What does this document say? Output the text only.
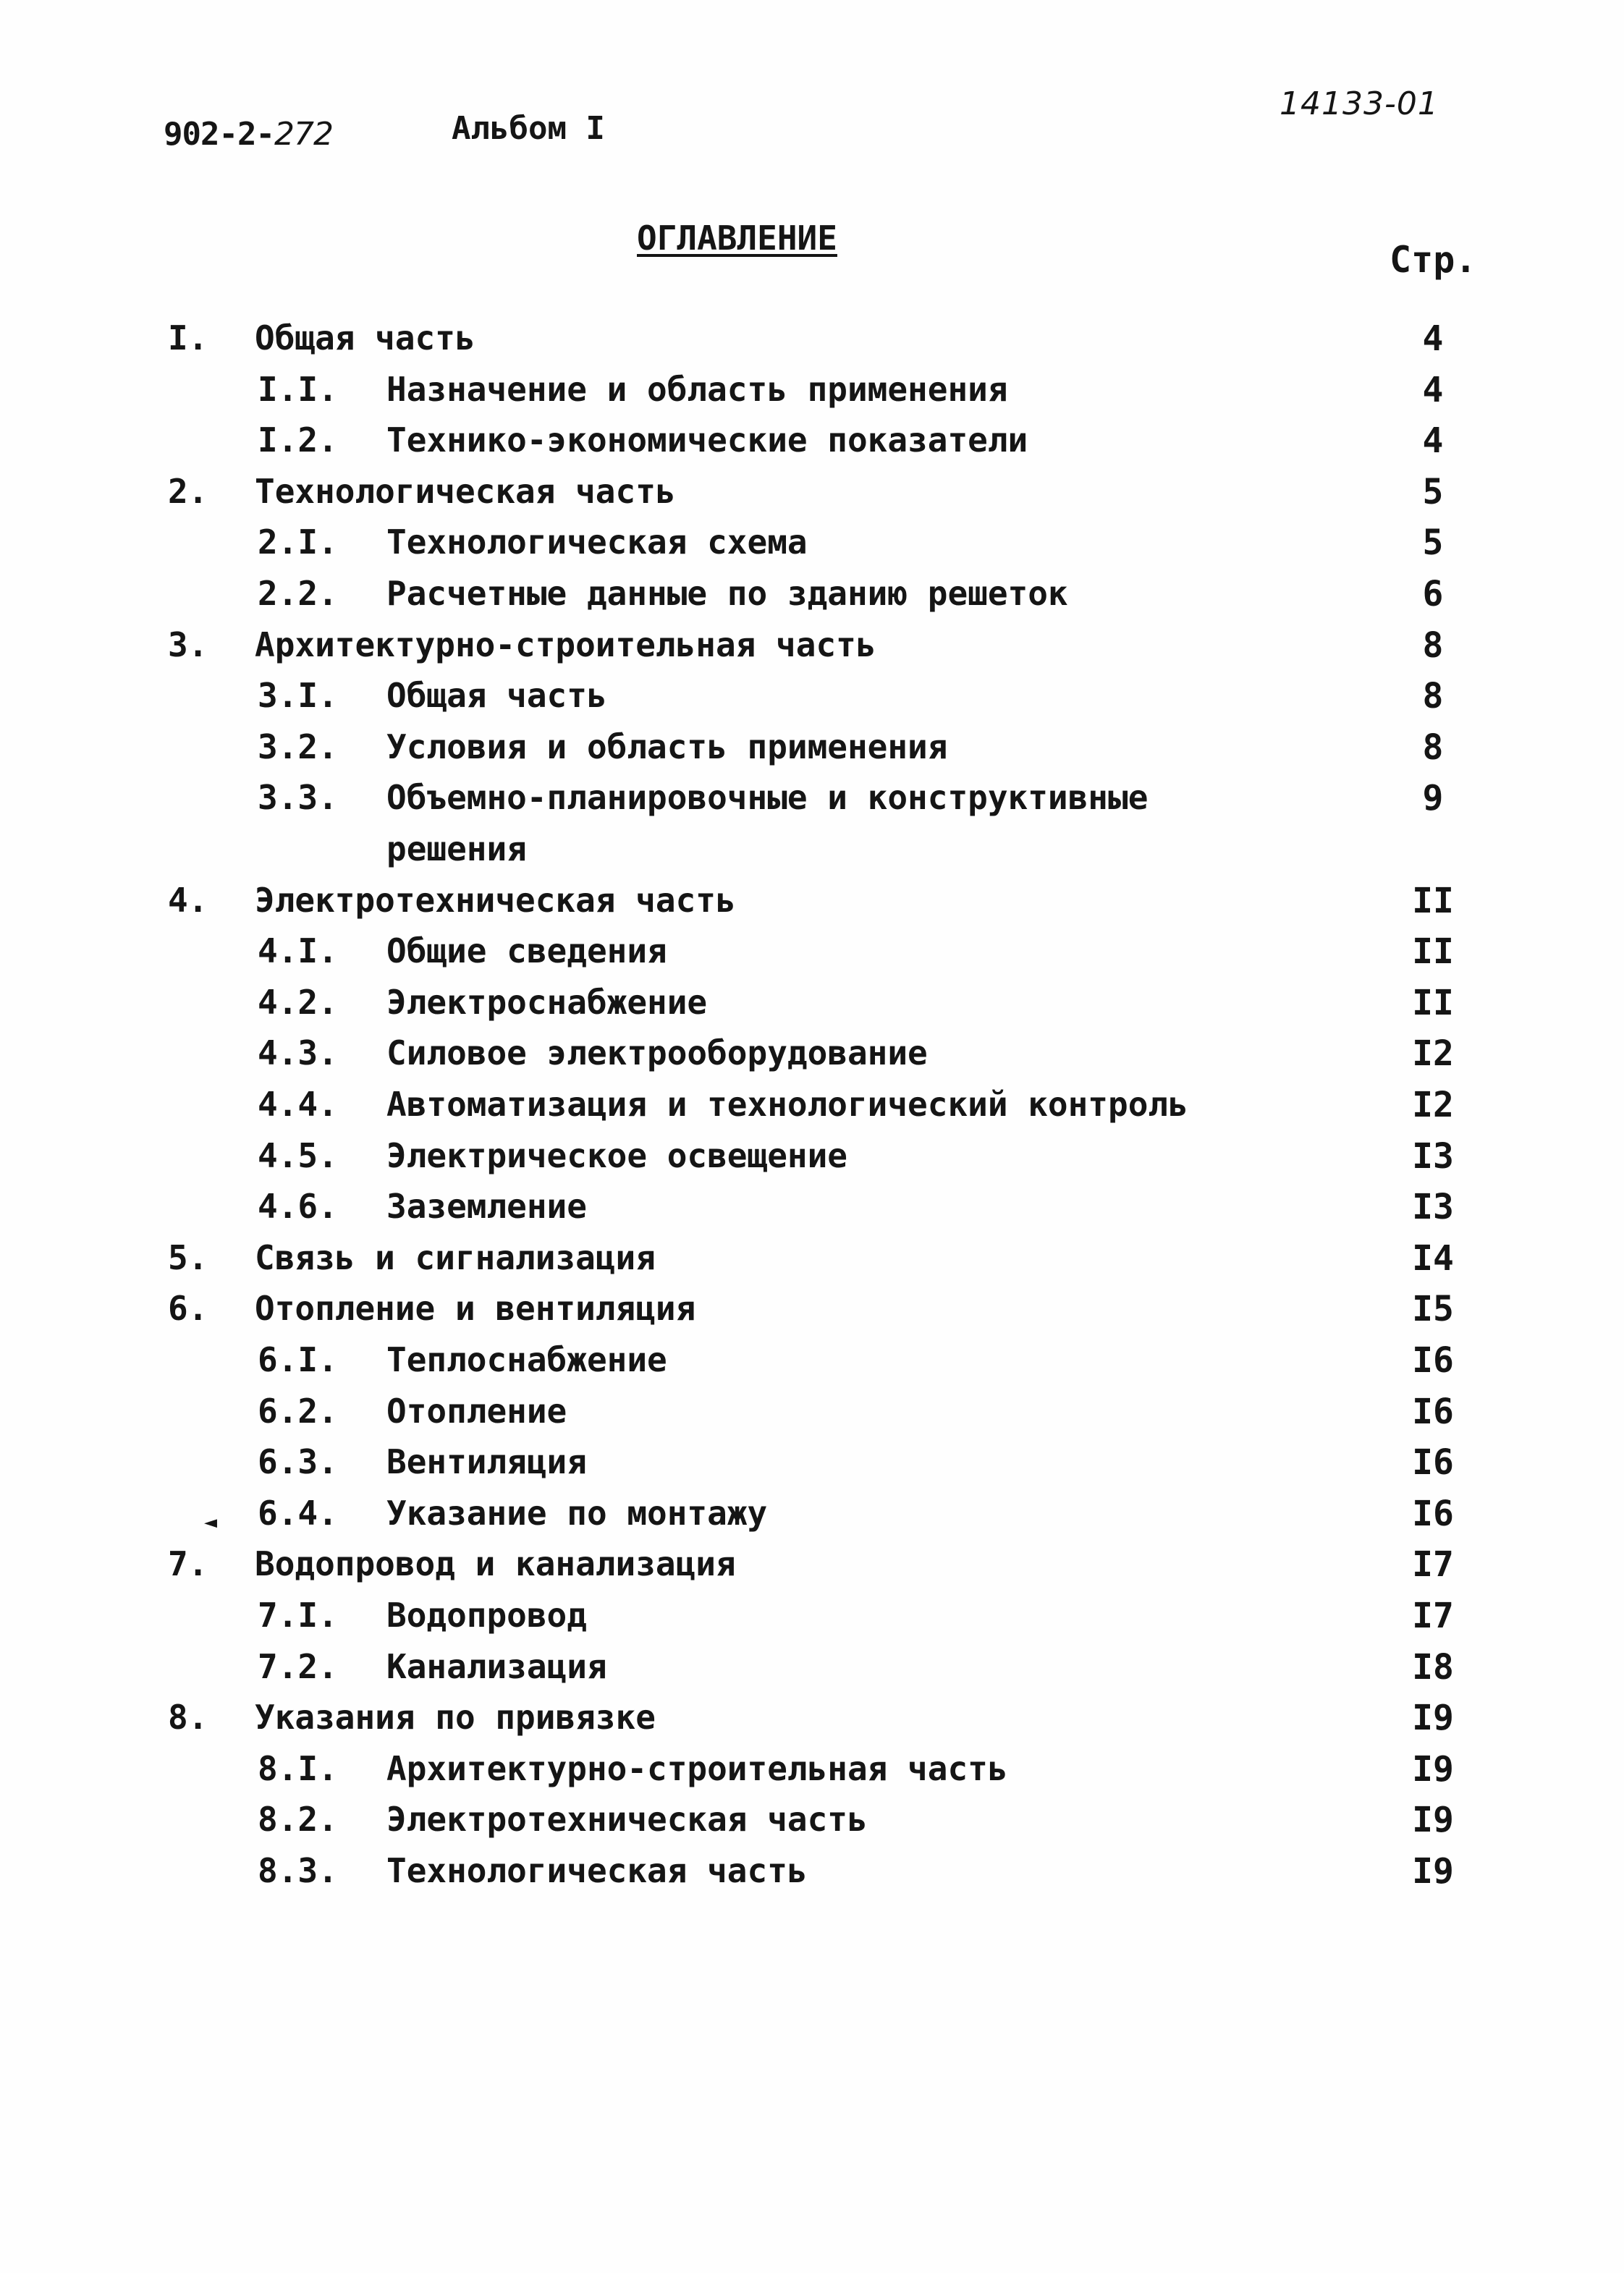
902-2-272	Альбом I
14133-01
ОГЛАВЛЕНИЕ
Стр.
I. Общая часть	4
I.I. Назначение и область применения	4
I.2. Технико-экономические показатели	4
2. Технологическая часть	5
2.I. Технологическая схема	5
2.2. Расчетные данные по зданию решеток	6
3. Архитектурно-строительная часть	8
3.I. Общая часть	8
3.2. Условия и область применения	8
3.3. Объемно-планировочные и конструктивные	9
решения
4. Электротехническая часть	II
4.I. Общие сведения	II
4.2. Электроснабжение	II
4.3. Силовое электрооборудование	I2
4.4. Автоматизация и технологический контроль	I2
4.5. Электрическое освещение	I3
4.6. Заземление	I3
5. Связь и сигнализация	I4
6. Отопление и вентиляция	I5
6.I. Теплоснабжение	I6
6.2. Отопление	I6
6.3. Вентиляция	I6
6.4. Указание по монтажу	I6
7. Водопровод и канализация	I7
7.I. Водопровод	I7
7.2. Канализация	I8
8. Указания по привязке	I9
8.I. Архитектурно-строительная часть	I9
8.2. Электротехническая часть	I9
8.3. Технологическая часть	I9
◄
